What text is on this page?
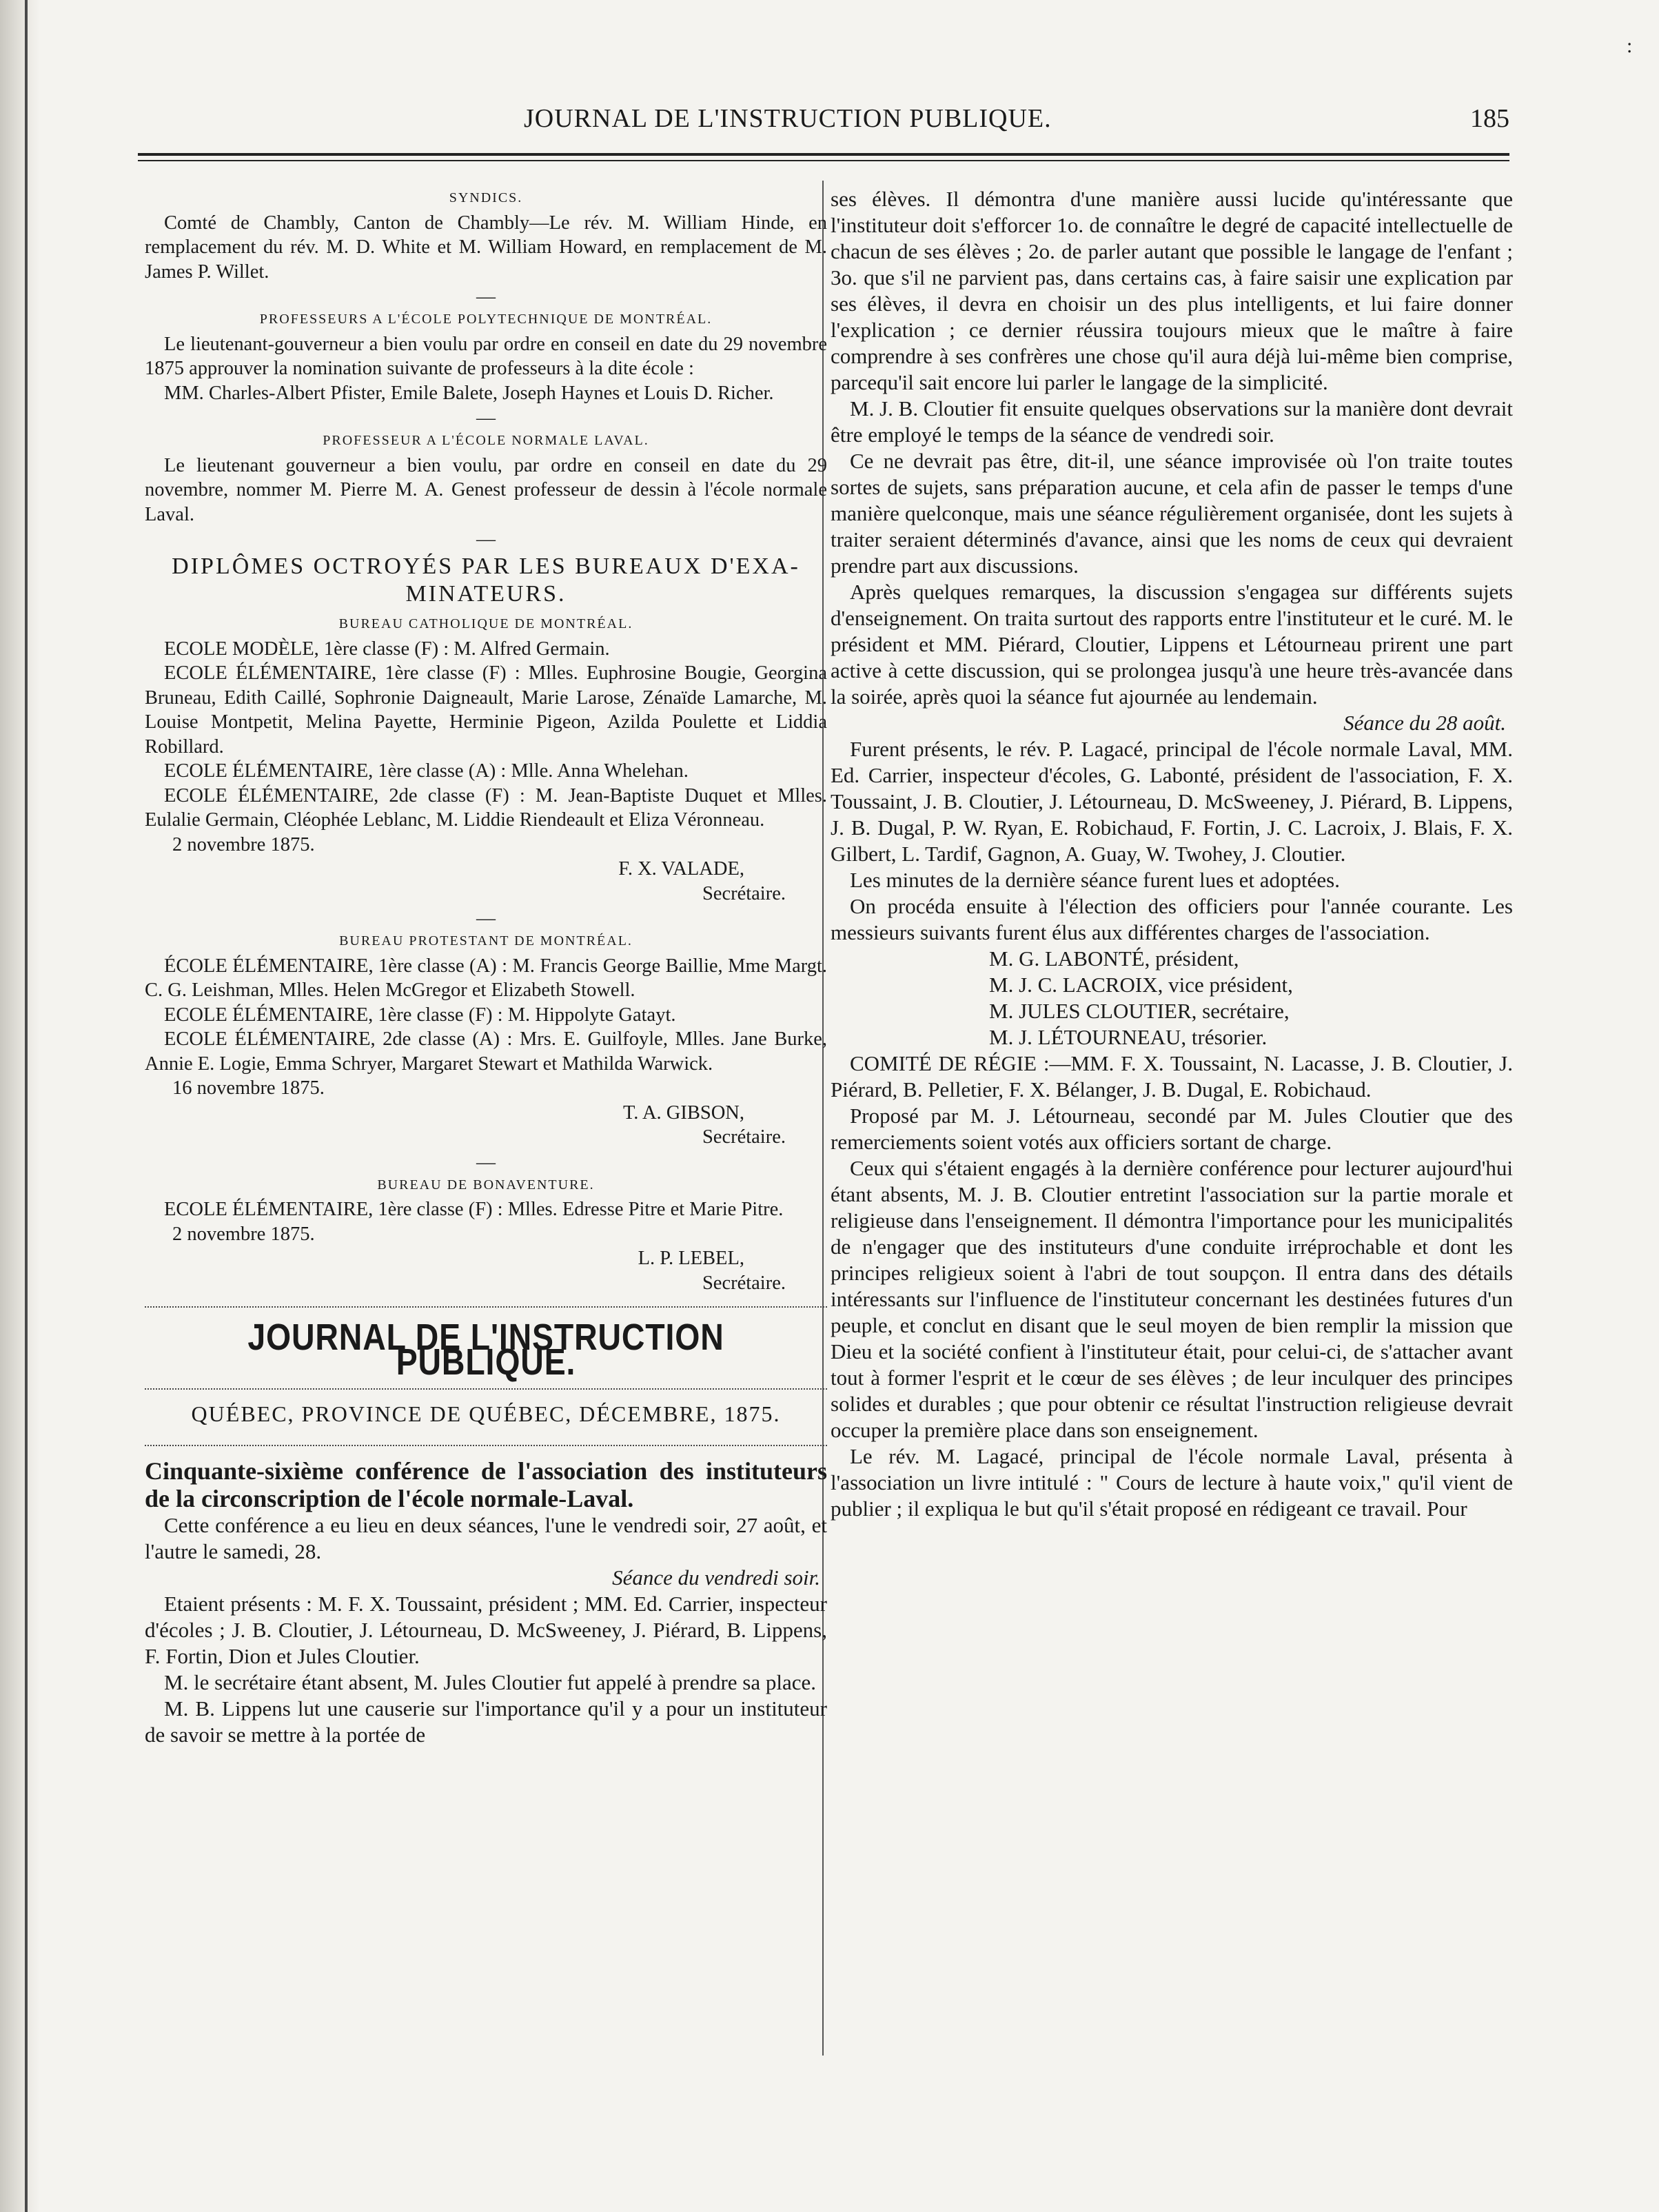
JOURNAL DE L'INSTRUCTION PUBLIQUE.	185

SYNDICS.

Comté de Chambly, Canton de Chambly—Le rév. M. William Hinde, en remplacement du rév. M. D. White et M. William Howard, en remplacement de M. James P. Willet.

—

PROFESSEURS A L'ÉCOLE POLYTECHNIQUE DE MONTRÉAL.

Le lieutenant-gouverneur a bien voulu par ordre en conseil en date du 29 novembre 1875 approuver la nomination suivante de professeurs à la dite école :

MM. Charles-Albert Pfister, Emile Balete, Joseph Haynes et Louis D. Richer.

—

PROFESSEUR A L'ÉCOLE NORMALE LAVAL.

Le lieutenant gouverneur a bien voulu, par ordre en conseil en date du 29 novembre, nommer M. Pierre M. A. Genest professeur de dessin à l'école normale Laval.

—
DIPLÔMES OCTROYÉS PAR LES BUREAUX D'EXA-MINATEURS.

BUREAU CATHOLIQUE DE MONTRÉAL.

ECOLE MODÈLE, 1ère classe (F) : M. Alfred Germain.

ECOLE ÉLÉMENTAIRE, 1ère classe (F) : Mlles. Euphrosine Bougie, Georgina Bruneau, Edith Caillé, Sophronie Daigneault, Marie Larose, Zénaïde Lamarche, M. Louise Montpetit, Melina Payette, Herminie Pigeon, Azilda Poulette et Liddia Robillard.

ECOLE ÉLÉMENTAIRE, 1ère classe (A) : Mlle. Anna Whelehan.

ECOLE ÉLÉMENTAIRE, 2de classe (F) : M. Jean-Baptiste Duquet et Mlles. Eulalie Germain, Cléophée Leblanc, M. Liddie Riendeault et Eliza Véronneau.

2 novembre 1875.

F. X. VALADE,

Secrétaire.

—

BUREAU PROTESTANT DE MONTRÉAL.

ÉCOLE ÉLÉMENTAIRE, 1ère classe (A) : M. Francis George Baillie, Mme Margt. C. G. Leishman, Mlles. Helen McGregor et Elizabeth Stowell.

ECOLE ÉLÉMENTAIRE, 1ère classe (F) : M. Hippolyte Gatayt.

ECOLE ÉLÉMENTAIRE, 2de classe (A) : Mrs. E. Guilfoyle, Mlles. Jane Burke, Annie E. Logie, Emma Schryer, Margaret Stewart et Mathilda Warwick.

16 novembre 1875.

T. A. GIBSON,

Secrétaire.

—

BUREAU DE BONAVENTURE.

ECOLE ÉLÉMENTAIRE, 1ère classe (F) : Mlles. Edresse Pitre et Marie Pitre.

2 novembre 1875.

L. P. LEBEL,

Secrétaire.

JOURNAL DE L'INSTRUCTION PUBLIQUE.
QUÉBEC, PROVINCE DE QUÉBEC, DÉCEMBRE, 1875.

Cinquante-sixième conférence de l'association des instituteurs de la circonscription de l'école normale-Laval.

Cette conférence a eu lieu en deux séances, l'une le vendredi soir, 27 août, et l'autre le samedi, 28.

Séance du vendredi soir.

Etaient présents : M. F. X. Toussaint, président ; MM. Ed. Carrier, inspecteur d'écoles ; J. B. Cloutier, J. Létourneau, D. McSweeney, J. Piérard, B. Lippens, F. Fortin, Dion et Jules Cloutier.

M. le secrétaire étant absent, M. Jules Cloutier fut appelé à prendre sa place.

M. B. Lippens lut une causerie sur l'importance qu'il y a pour un instituteur de savoir se mettre à la portée de

ses élèves. Il démontra d'une manière aussi lucide qu'intéressante que l'instituteur doit s'efforcer 1o. de connaître le degré de capacité intellectuelle de chacun de ses élèves ; 2o. de parler autant que possible le langage de l'enfant ; 3o. que s'il ne parvient pas, dans certains cas, à faire saisir une explication par ses élèves, il devra en choisir un des plus intelligents, et lui faire donner l'explication ; ce dernier réussira toujours mieux que le maître à faire comprendre à ses confrères une chose qu'il aura déjà lui-même bien comprise, parcequ'il sait encore lui parler le langage de la simplicité.

M. J. B. Cloutier fit ensuite quelques observations sur la manière dont devrait être employé le temps de la séance de vendredi soir.

Ce ne devrait pas être, dit-il, une séance improvisée où l'on traite toutes sortes de sujets, sans préparation aucune, et cela afin de passer le temps d'une manière quelconque, mais une séance régulièrement organisée, dont les sujets à traiter seraient déterminés d'avance, ainsi que les noms de ceux qui devraient prendre part aux discussions.

Après quelques remarques, la discussion s'engagea sur différents sujets d'enseignement. On traita surtout des rapports entre l'instituteur et le curé. M. le président et MM. Piérard, Cloutier, Lippens et Létourneau prirent une part active à cette discussion, qui se prolongea jusqu'à une heure très-avancée dans la soirée, après quoi la séance fut ajournée au lendemain.

Séance du 28 août.

Furent présents, le rév. P. Lagacé, principal de l'école normale Laval, MM. Ed. Carrier, inspecteur d'écoles, G. Labonté, président de l'association, F. X. Toussaint, J. B. Cloutier, J. Létourneau, D. McSweeney, J. Piérard, B. Lippens, J. B. Dugal, P. W. Ryan, E. Robichaud, F. Fortin, J. C. Lacroix, J. Blais, F. X. Gilbert, L. Tardif, Gagnon, A. Guay, W. Twohey, J. Cloutier.

Les minutes de la dernière séance furent lues et adoptées.

On procéda ensuite à l'élection des officiers pour l'année courante. Les messieurs suivants furent élus aux différentes charges de l'association.

M. G. LABONTÉ, président,

M. J. C. LACROIX, vice président,

M. JULES CLOUTIER, secrétaire,

M. J. LÉTOURNEAU, trésorier.

COMITÉ DE RÉGIE :—MM. F. X. Toussaint, N. Lacasse, J. B. Cloutier, J. Piérard, B. Pelletier, F. X. Bélanger, J. B. Dugal, E. Robichaud.

Proposé par M. J. Létourneau, secondé par M. Jules Cloutier que des remerciements soient votés aux officiers sortant de charge.

Ceux qui s'étaient engagés à la dernière conférence pour lecturer aujourd'hui étant absents, M. J. B. Cloutier entretint l'association sur la partie morale et religieuse dans l'enseignement. Il démontra l'importance pour les municipalités de n'engager que des instituteurs d'une conduite irréprochable et dont les principes religieux soient à l'abri de tout soupçon. Il entra dans des détails intéressants sur l'influence de l'instituteur concernant les destinées futures d'un peuple, et conclut en disant que le seul moyen de bien remplir la mission que Dieu et la société confient à l'instituteur était, pour celui-ci, de s'attacher avant tout à former l'esprit et le cœur de ses élèves ; de leur inculquer des principes solides et durables ; que pour obtenir ce résultat l'instruction religieuse devrait occuper la première place dans son enseignement.

Le rév. M. Lagacé, principal de l'école normale Laval, présenta à l'association un livre intitulé : " Cours de lecture à haute voix," qu'il vient de publier ; il expliqua le but qu'il s'était proposé en rédigeant ce travail. Pour

:
